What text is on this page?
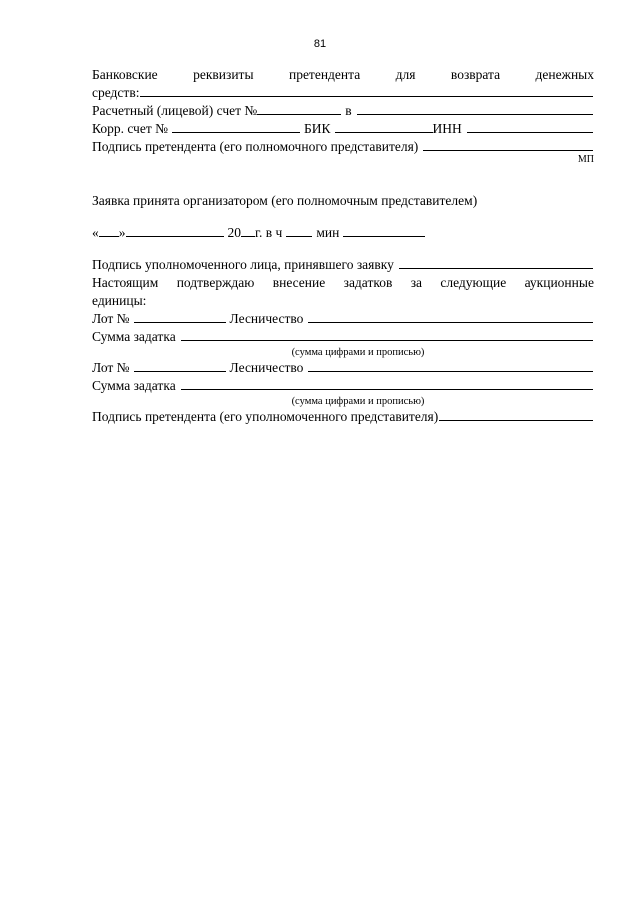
81
Банковские	реквизиты	претендента	для	возврата	денежных
средств:
Расчетный (лицевой) счет №	в
Корр. счет №	БИК	ИНН
Подпись претендента (его полномочного представителя)
МП
Заявка принята организатором (его полномочным представителем)
« »	20 г. в ч	мин
Подпись уполномоченного лица, принявшего заявку
Настоящим подтверждаю внесение задатков за следующие аукционные
единицы:
Лот №	Лесничество
Сумма задатка
(сумма цифрами и прописью)
Лот №	Лесничество
Сумма задатка
(сумма цифрами и прописью)
Подпись претендента (его уполномоченного представителя)
